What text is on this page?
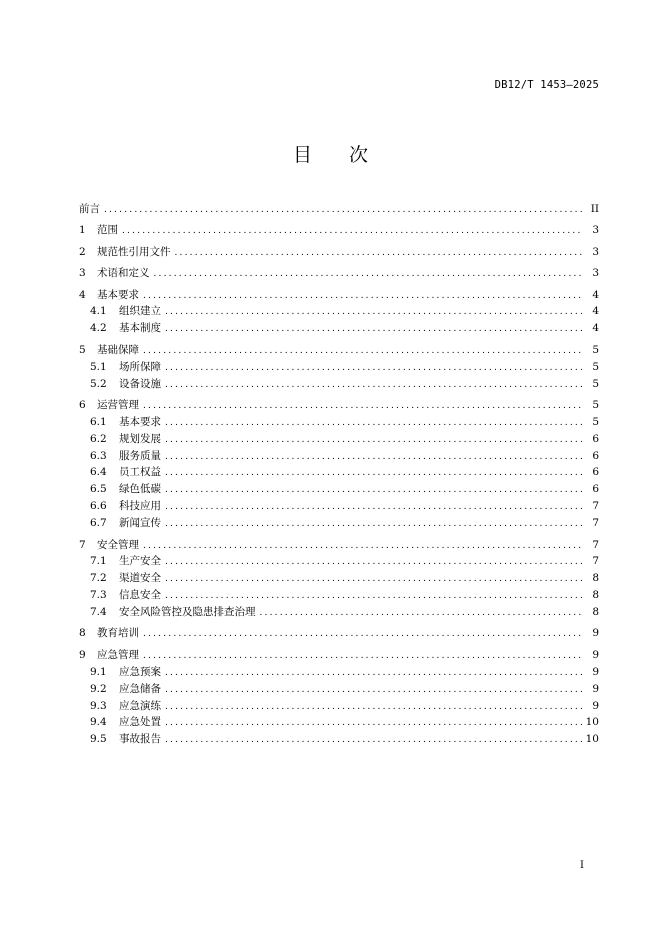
DB12/T 1453—2025
目 次
前言 .....	II
1	范围 .....	3
2	规范性引用文件 .....	3
3	术语和定义 .....	3
4	基本要求 .....	4
4.1	组织建立 .....	4
4.2	基本制度 .....	4
5	基础保障 .....	5
5.1	场所保障 .....	5
5.2	设备设施 .....	5
6	运营管理 .....	5
6.1	基本要求 .....	5
6.2	规划发展 .....	6
6.3	服务质量 .....	6
6.4	员工权益 .....	6
6.5	绿色低碳 .....	6
6.6	科技应用 .....	7
6.7	新闻宣传 .....	7
7	安全管理 .....	7
7.1	生产安全 .....	7
7.2	渠道安全 .....	8
7.3	信息安全 .....	8
7.4	安全风险管控及隐患排查治理 .....	8
8	教育培训 .....	9
9	应急管理 .....	9
9.1	应急预案 .....	9
9.2	应急储备 .....	9
9.3	应急演练 .....	9
9.4	应急处置 .....	10
9.5	事故报告 .....	10
I
